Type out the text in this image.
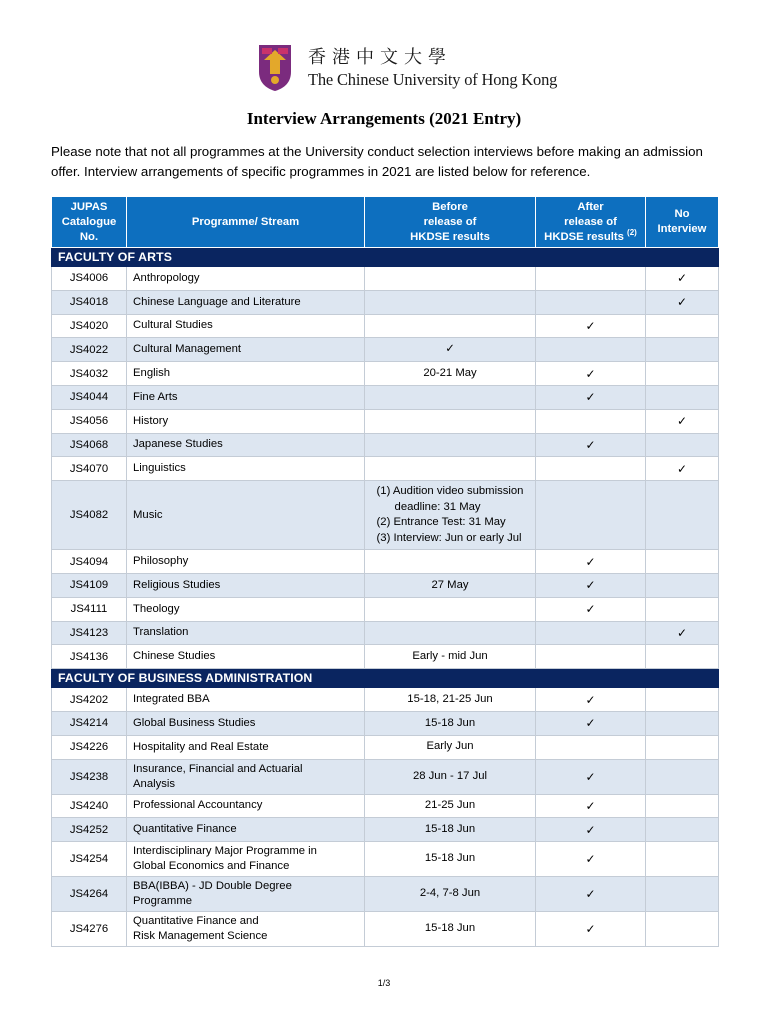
香港中文大學
The Chinese University of Hong Kong
Interview Arrangements (2021 Entry)

Please note that not all programmes at the University conduct selection interviews before making an admission offer. Interview arrangements of specific programmes in 2021 are listed below for reference.

JUPAS
Catalogue
No.	Programme/ Stream	Before
release of
HKDSE results	After
release of
HKDSE results $^{(2)}$	No
Interview
FACULTY OF ARTS				
JS4006	Anthropology			✓
JS4018	Chinese Language and Literature			✓
JS4020	Cultural Studies		✓	
JS4022	Cultural Management	✓		
JS4032	English	20-21 May	✓	
JS4044	Fine Arts		✓	
JS4056	History			✓
JS4068	Japanese Studies		✓	
JS4070	Linguistics			✓
JS4082	Music	(1) Audition video submission
deadline: 31 May
(2) Entrance Test: 31 May
(3) Interview: Jun or early Jul		

JS4094	Philosophy		✓	
JS4109	Religious Studies	27 May	✓	
JS4111	Theology		✓	
JS4123	Translation			✓
JS4136	Chinese Studies	Early - mid Jun		
FACULTY OF BUSINESS ADMINISTRATION				
JS4202	Integrated BBA	15-18, 21-25 Jun	✓	
JS4214	Global Business Studies	15-18 Jun	✓	
JS4226	Hospitality and Real Estate	Early Jun		
JS4238	Insurance, Financial and Actuarial
Analysis	28 Jun - 17 Jul	✓	
JS4240	Professional Accountancy	21-25 Jun	✓	
JS4252	Quantitative Finance	15-18 Jun	✓	
JS4254	Interdisciplinary Major Programme in
Global Economics and Finance	15-18 Jun	✓	
JS4264	BBA(IBBA) - JD Double Degree
Programme	2-4, 7-8 Jun	✓	
JS4276	Quantitative Finance and
Risk Management Science	15-18 Jun	✓	
1/3
